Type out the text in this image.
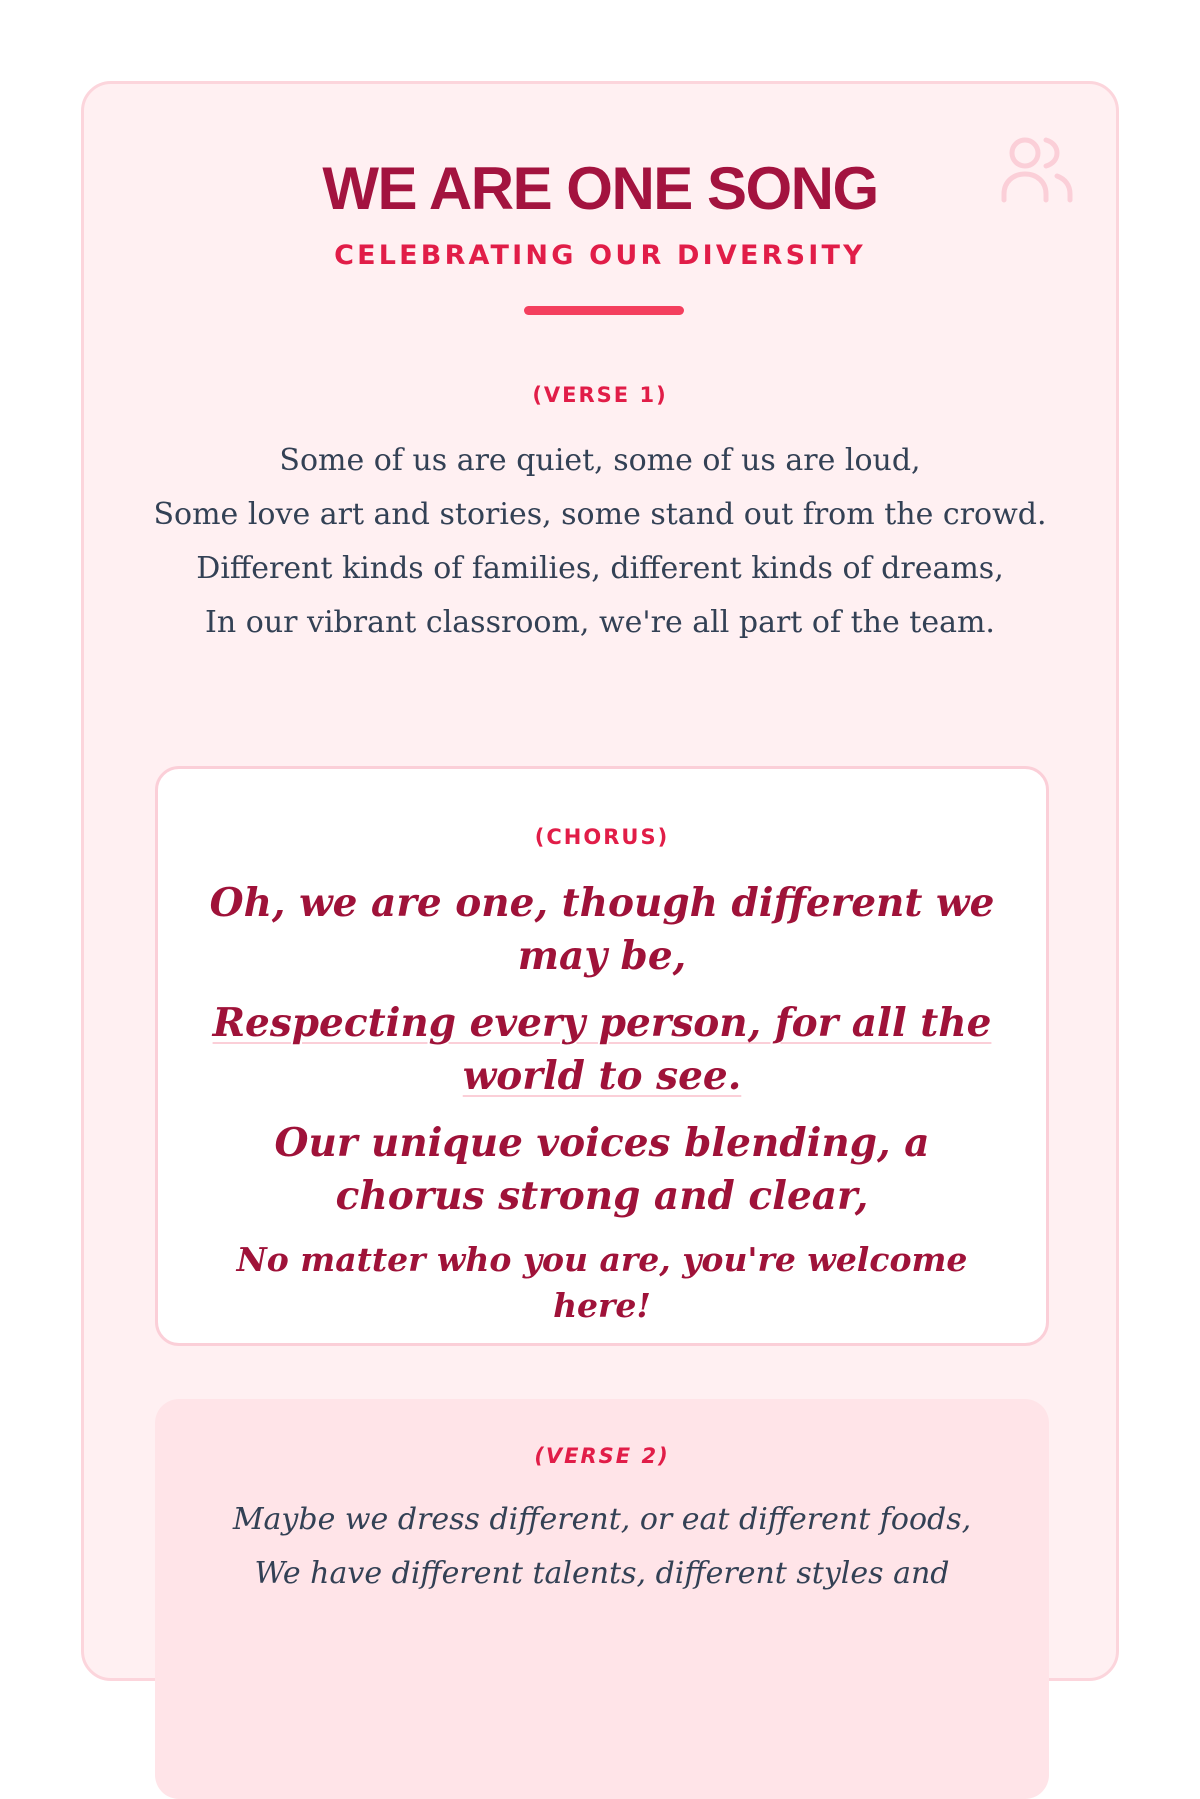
WE ARE ONE SONG
CELEBRATING OUR DIVERSITY
(VERSE 1)
Some of us are quiet, some of us are loud,
Some love art and stories, some stand out from the crowd.
Different kinds of families, different kinds of dreams,
In our vibrant classroom, we're all part of the team.
(CHORUS)
Oh, we are one, though different we may be,
Respecting every person, for all the world to see.
Our unique voices blending, a chorus strong and clear,
No matter who you are, you're welcome here!
(VERSE 2)
Maybe we dress different, or eat different foods,
We have different talents, different styles and
